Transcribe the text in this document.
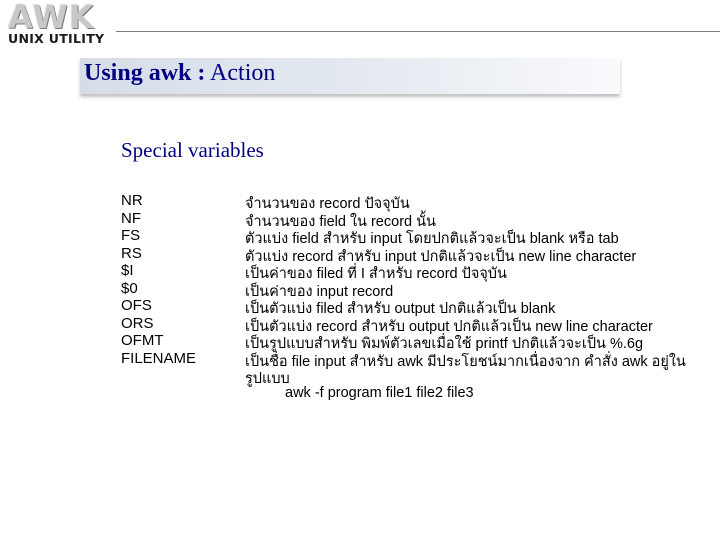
AWK
UNIX UTILITY
Using awk : Action
Special variables
NR	จำนวนของ record ปัจจุบัน
NF	จำนวนของ field ใน record นั้น
FS	ตัวแบ่ง field สำหรับ input โดยปกติแล้วจะเป็น blank หรือ tab
RS	ตัวแบ่ง record สำหรับ input ปกติแล้วจะเป็น new line character
$I	เป็นค่าของ filed ที่ I สำหรับ record ปัจจุบัน
$0	เป็นค่าของ input record
OFS	เป็นตัวแบ่ง filed สำหรับ output ปกติแล้วเป็น blank
ORS	เป็นตัวแบ่ง record สำหรับ output ปกติแล้วเป็น new line character
OFMT	เป็นรูปแบบสำหรับ พิมพ์ตัวเลขเมื่อใช้ printf ปกติแล้วจะเป็น %.6g
FILENAME	เป็นชื่อ file input สำหรับ awk มีประโยชน์มากเนื่องจาก คำสั่ง awk อยู่ใน
รูปแบบ
awk -f program file1 file2 file3
